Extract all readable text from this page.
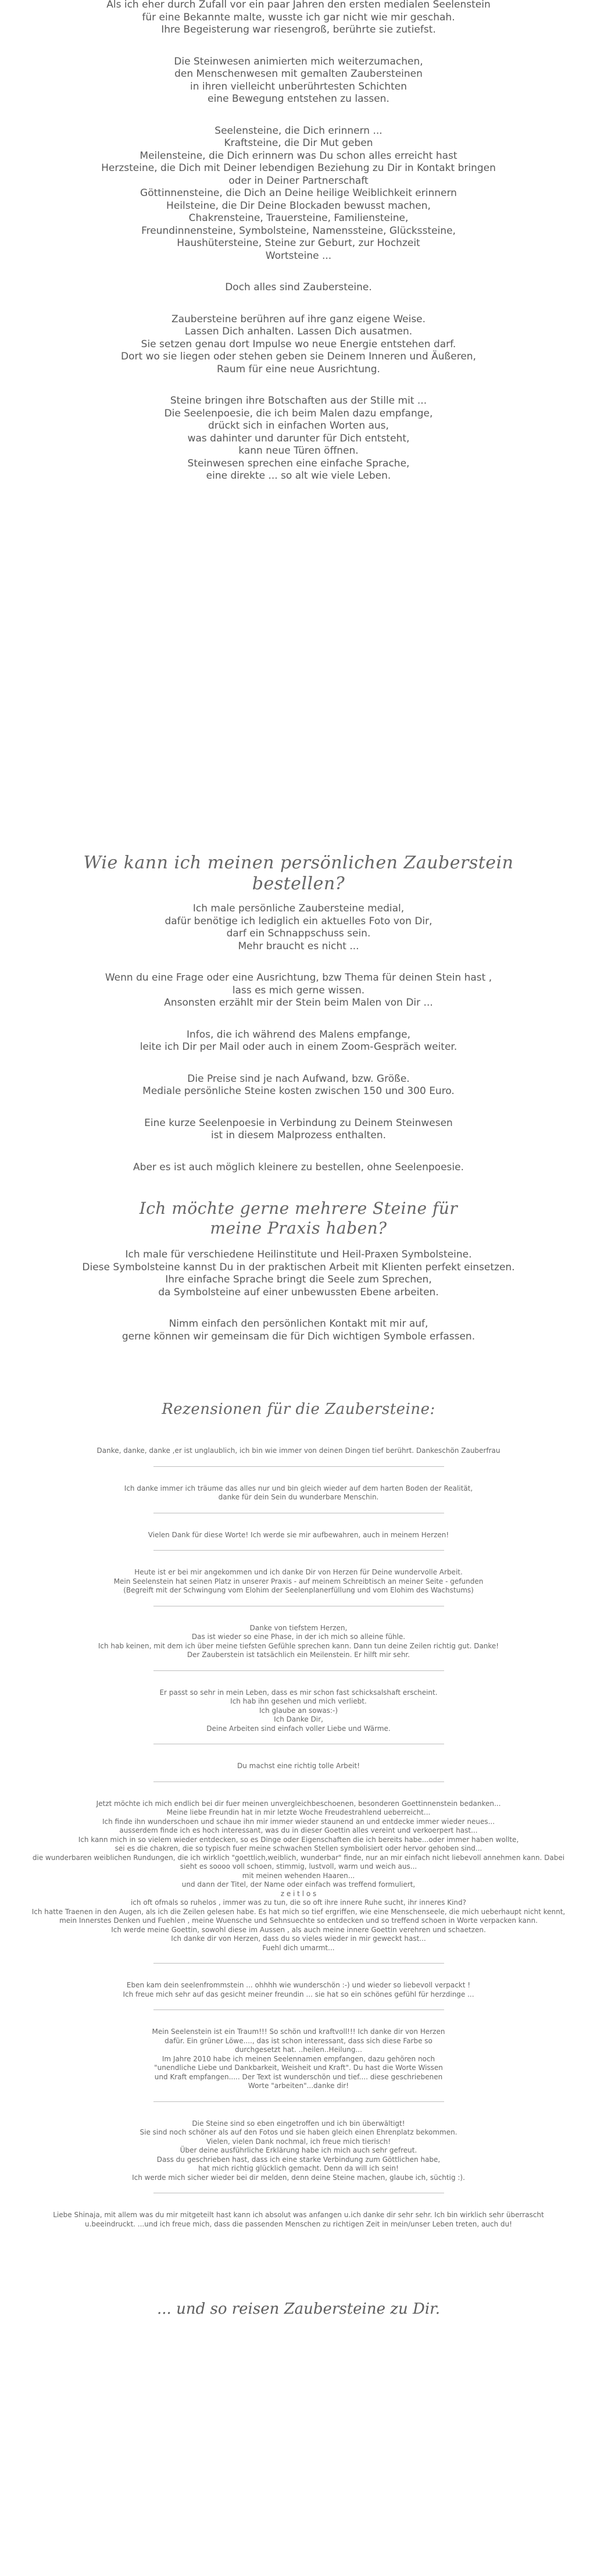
Als ich eher durch Zufall vor ein paar Jahren den ersten medialen Seelenstein
für eine Bekannte malte, wusste ich gar nicht wie mir geschah.
Ihre Begeisterung war riesengroß, berührte sie zutiefst.

Die Steinwesen animierten mich weiterzumachen,
den Menschenwesen mit gemalten Zaubersteinen
in ihren vielleicht unberührtesten Schichten
eine Bewegung entstehen zu lassen.

Seelensteine, die Dich erinnern ...
Kraftsteine, die Dir Mut geben
Meilensteine, die Dich erinnern was Du schon alles erreicht hast
Herzsteine, die Dich mit Deiner lebendigen Beziehung zu Dir in Kontakt bringen
oder in Deiner Partnerschaft
Göttinnensteine, die Dich an Deine heilige Weiblichkeit erinnern
Heilsteine, die Dir Deine Blockaden bewusst machen,
Chakrensteine, Trauersteine, Familiensteine,
Freundinnensteine, Symbolsteine, Namenssteine, Glückssteine,
Haushütersteine, Steine zur Geburt, zur Hochzeit
Wortsteine ...

Doch alles sind Zaubersteine.

Zaubersteine berühren auf ihre ganz eigene Weise.
Lassen Dich anhalten. Lassen Dich ausatmen.
Sie setzen genau dort Impulse wo neue Energie entstehen darf.
Dort wo sie liegen oder stehen geben sie Deinem Inneren und Äußeren,
Raum für eine neue Ausrichtung.

Steine bringen ihre Botschaften aus der Stille mit ...
Die Seelenpoesie, die ich beim Malen dazu empfange,
drückt sich in einfachen Worten aus,
was dahinter und darunter für Dich entsteht,
kann neue Türen öffnen.
Steinwesen sprechen eine einfache Sprache,
eine direkte ... so alt wie viele Leben.

Wie kann ich meinen persönlichen Zauberstein bestellen?

Ich male persönliche Zaubersteine medial,
dafür benötige ich lediglich ein aktuelles Foto von Dir,
darf ein Schnappschuss sein.
Mehr braucht es nicht ...

Wenn du eine Frage oder eine Ausrichtung, bzw Thema für deinen Stein hast ,
lass es mich gerne wissen.
Ansonsten erzählt mir der Stein beim Malen von Dir ...

Infos, die ich während des Malens empfange,
leite ich Dir per Mail oder auch in einem Zoom-Gespräch weiter.

Die Preise sind je nach Aufwand, bzw. Größe.
Mediale persönliche Steine kosten zwischen 150 und 300 Euro.

Eine kurze Seelenpoesie in Verbindung zu Deinem Steinwesen
ist in diesem Malprozess enthalten.

Aber es ist auch möglich kleinere zu bestellen, ohne Seelenpoesie.

Ich möchte gerne mehrere Steine für
meine Praxis haben?

Ich male für verschiedene Heilinstitute und Heil-Praxen Symbolsteine.
Diese Symbolsteine kannst Du in der praktischen Arbeit mit Klienten perfekt einsetzen.
Ihre einfache Sprache bringt die Seele zum Sprechen,
da Symbolsteine auf einer unbewussten Ebene arbeiten.

Nimm einfach den persönlichen Kontakt mit mir auf,
gerne können wir gemeinsam die für Dich wichtigen Symbole erfassen.

Rezensionen für die Zaubersteine:
Danke, danke, danke ,er ist unglaublich, ich bin wie immer von deinen Dingen tief berührt. Dankeschön Zauberfrau
Ich danke immer ich träume das alles nur und bin gleich wieder auf dem harten Boden der Realität,
danke für dein Sein du wunderbare Menschin.
Vielen Dank für diese Worte! Ich werde sie mir aufbewahren, auch in meinem Herzen!
Heute ist er bei mir angekommen und ich danke Dir von Herzen für Deine wundervolle Arbeit.
Mein Seelenstein hat seinen Platz in unserer Praxis - auf meinem Schreibtisch an meiner Seite - gefunden
(Begreift mit der Schwingung vom Elohim der Seelenplanerfüllung und vom Elohim des Wachstums)
Danke von tiefstem Herzen,
Das ist wieder so eine Phase, in der ich mich so alleine fühle.
Ich hab keinen, mit dem ich über meine tiefsten Gefühle sprechen kann. Dann tun deine Zeilen richtig gut. Danke!
Der Zauberstein ist tatsächlich ein Meilenstein. Er hilft mir sehr.
Er passt so sehr in mein Leben, dass es mir schon fast schicksalshaft erscheint.
Ich hab ihn gesehen und mich verliebt.
Ich glaube an sowas:-)
Ich Danke Dir,
Deine Arbeiten sind einfach voller Liebe und Wärme.
Du machst eine richtig tolle Arbeit!
Jetzt möchte ich mich endlich bei dir fuer meinen unvergleichbeschoenen, besonderen Goettinnenstein bedanken...
Meine liebe Freundin hat in mir letzte Woche Freudestrahlend ueberreicht...
Ich finde ihn wunderschoen und schaue ihn mir immer wieder staunend an und entdecke immer wieder neues...
ausserdem finde ich es hoch interessant, was du in dieser Goettin alles vereint und verkoerpert hast...
Ich kann mich in so vielem wieder entdecken, so es Dinge oder Eigenschaften die ich bereits habe...oder immer haben wollte,
sei es die chakren, die so typisch fuer meine schwachen Stellen symbolisiert oder hervor gehoben sind...
die wunderbaren weiblichen Rundungen, die ich wirklich "goettlich,weiblich, wunderbar" finde, nur an mir einfach nicht liebevoll annehmen kann. Dabei
sieht es soooo voll schoen, stimmig, lustvoll, warm und weich aus...
mit meinen wehenden Haaren...
und dann der Titel, der Name oder einfach was treffend formuliert,
z e i t l o s
ich oft ofmals so ruhelos , immer was zu tun, die so oft ihre innere Ruhe sucht, ihr inneres Kind?
Ich hatte Traenen in den Augen, als ich die Zeilen gelesen habe. Es hat mich so tief ergriffen, wie eine Menschenseele, die mich ueberhaupt nicht kennt,
mein Innerstes Denken und Fuehlen , meine Wuensche und Sehnsuechte so entdecken und so treffend schoen in Worte verpacken kann.
Ich werde meine Goettin, sowohl diese im Aussen , als auch meine innere Goettin verehren und schaetzen.
Ich danke dir von Herzen, dass du so vieles wieder in mir geweckt hast...
Fuehl dich umarmt...
Eben kam dein seelenfrommstein ... ohhhh wie wunderschön :-) und wieder so liebevoll verpackt !
Ich freue mich sehr auf das gesicht meiner freundin ... sie hat so ein schönes gefühl für herzdinge ...
Mein Seelenstein ist ein Traum!!! So schön und kraftvoll!!! Ich danke dir von Herzen
dafür. Ein grüner Löwe...., das ist schon interessant, dass sich diese Farbe so
durchgesetzt hat. ..heilen..Heilung...
Im Jahre 2010 habe ich meinen Seelennamen empfangen, dazu gehören noch
"unendliche Liebe und Dankbarkeit, Weisheit und Kraft". Du hast die Worte Wissen
und Kraft empfangen..... Der Text ist wunderschön und tief.... diese geschriebenen
Worte "arbeiten"...danke dir!
Die Steine sind so eben eingetroffen und ich bin überwältigt!
Sie sind noch schöner als auf den Fotos und sie haben gleich einen Ehrenplatz bekommen.
Vielen, vielen Dank nochmal, ich freue mich tierisch!
Über deine ausführliche Erklärung habe ich mich auch sehr gefreut.
Dass du geschrieben hast, dass ich eine starke Verbindung zum Göttlichen habe,
hat mich richtig glücklich gemacht. Denn da will ich sein!
Ich werde mich sicher wieder bei dir melden, denn deine Steine machen, glaube ich, süchtig :).
Liebe Shinaja, mit allem was du mir mitgeteilt hast kann ich absolut was anfangen u.ich danke dir sehr sehr. Ich bin wirklich sehr überrascht
u.beeindruckt. ...und ich freue mich, dass die passenden Menschen zu richtigen Zeit in mein/unser Leben treten, auch du!
... und so reisen Zaubersteine zu Dir.
